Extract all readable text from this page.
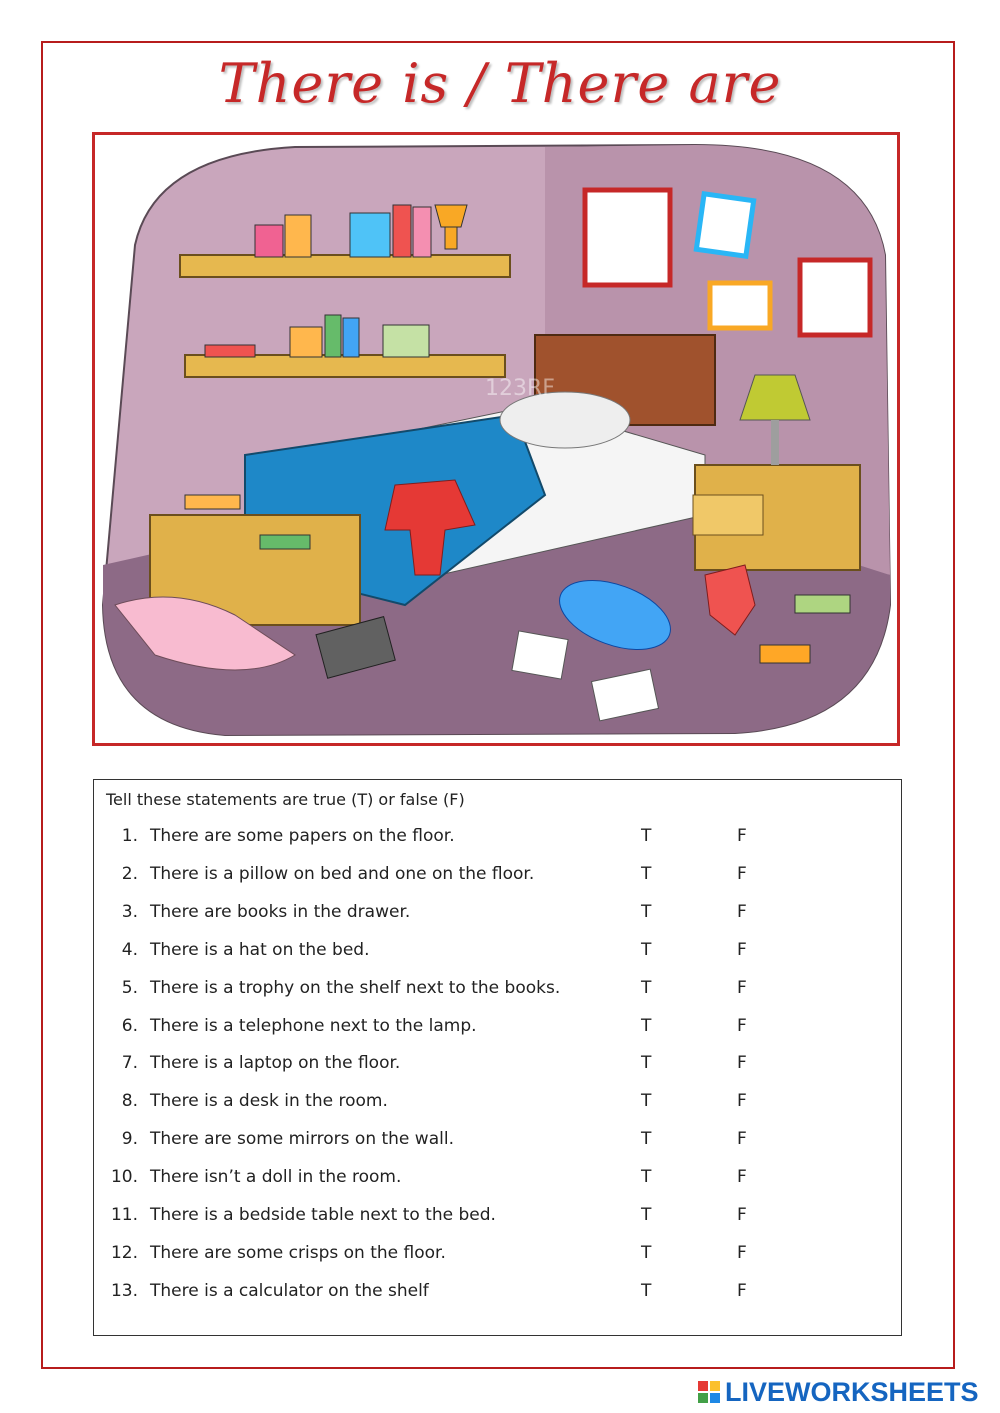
There is / There are
123RF
Tell these statements are true (T) or false (F)
1. There are some papers on the floor.	T	F
2. There is a pillow on bed and one on the floor.	T	F
3. There are books in the drawer.	T	F
4. There is a hat on the bed.	T	F
5. There is a trophy on the shelf next to the books.	T	F
6. There is a telephone next to the lamp.	T	F
7. There is a laptop on the floor.	T	F
8. There is a desk in the room.	T	F
9. There are some mirrors on the wall.	T	F
10. There isn’t a doll in the room.	T	F
11. There is a bedside table next to the bed.	T	F
12. There are some crisps on the floor.	T	F
13. There is a calculator on the shelf	T	F
LIVEWORKSHEETS
